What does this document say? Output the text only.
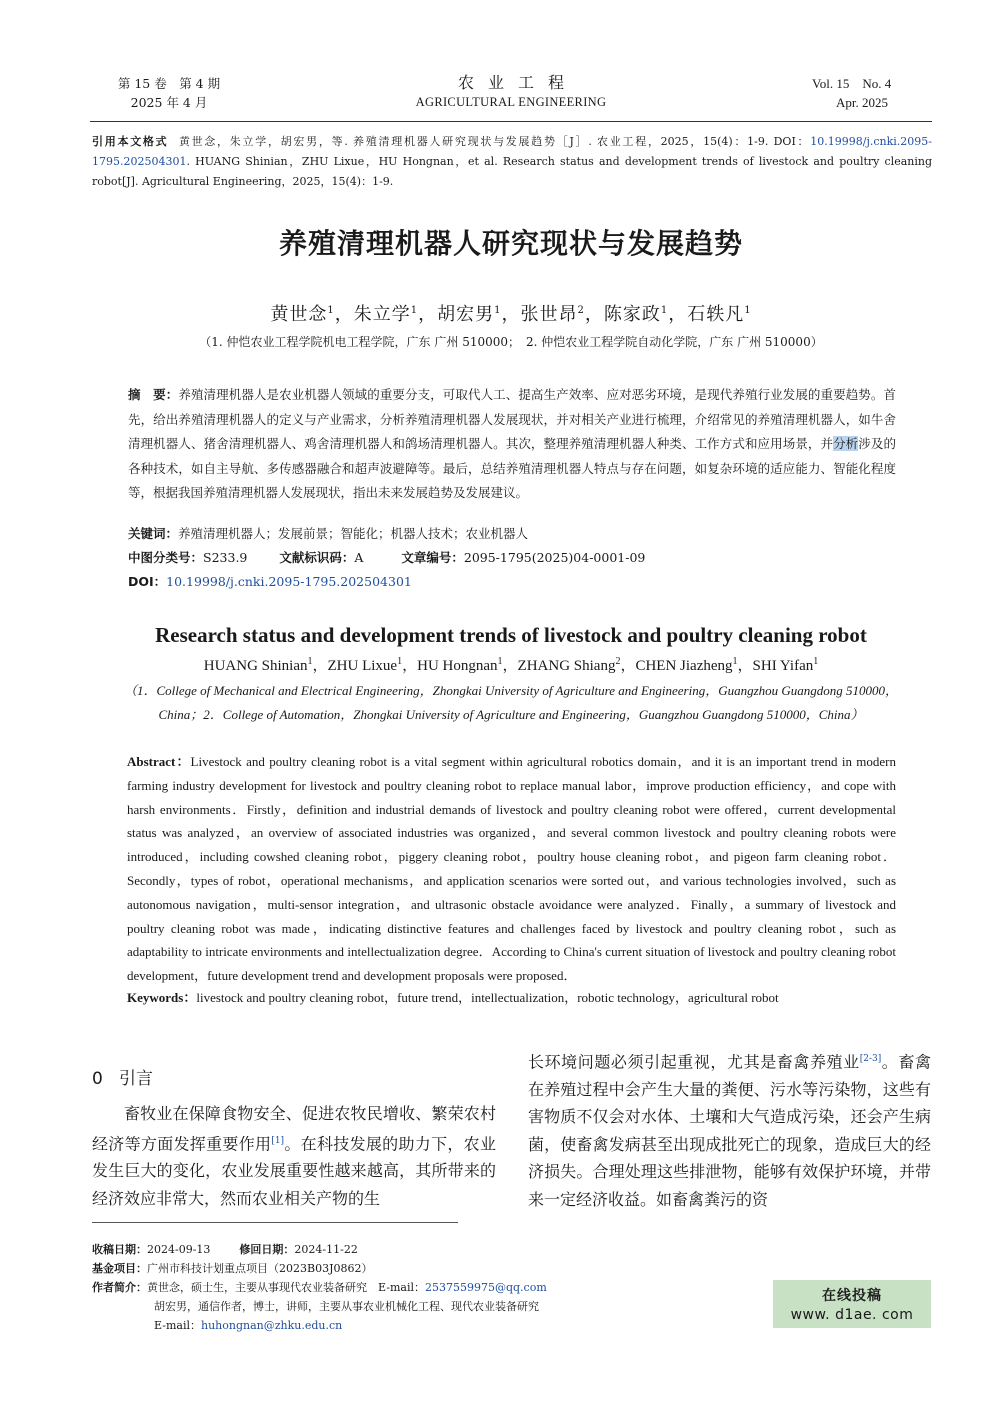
第 15 卷　第 4 期
2025 年 4 月
农业工程
AGRICULTURAL ENGINEERING
Vol. 15　No. 4
Apr. 2025
引用本文格式 黄世念，朱立学，胡宏男，等. 养殖清理机器人研究现状与发展趋势［J］. 农业工程，2025，15(4)：1-9. DOI：10.19998/j.cnki.2095-1795.202504301. HUANG Shinian，ZHU Lixue，HU Hongnan，et al. Research status and development trends of livestock and poultry cleaning robot[J]. Agricultural Engineering，2025，15(4)：1-9.
养殖清理机器人研究现状与发展趋势
黄世念$^1$，朱立学$^1$，胡宏男$^1$，张世昂$^2$，陈家政$^1$，石轶凡$^1$
（1. 仲恺农业工程学院机电工程学院，广东 广州 510000；　2. 仲恺农业工程学院自动化学院，广东 广州 510000）
摘　要：养殖清理机器人是农业机器人领域的重要分支，可取代人工、提高生产效率、应对恶劣环境，是现代养殖行业发展的重要趋势。首先，给出养殖清理机器人的定义与产业需求，分析养殖清理机器人发展现状，并对相关产业进行梳理，介绍常见的养殖清理机器人，如牛舍清理机器人、猪舍清理机器人、鸡舍清理机器人和鸽场清理机器人。其次，整理养殖清理机器人种类、工作方式和应用场景，并分析涉及的各种技术，如自主导航、多传感器融合和超声波避障等。最后，总结养殖清理机器人特点与存在问题，如复杂环境的适应能力、智能化程度等，根据我国养殖清理机器人发展现状，指出未来发展趋势及发展建议。
关键词：养殖清理机器人；发展前景；智能化；机器人技术；农业机器人
中图分类号：S233.9	文献标识码：A	文章编号：2095-1795(2025)04-0001-09
DOI：10.19998/j.cnki.2095-1795.202504301
Research status and development trends of livestock and poultry cleaning robot
HUANG Shinian$^1$，ZHU Lixue$^1$，HU Hongnan$^1$，ZHANG Shiang$^2$，CHEN Jiazheng$^1$，SHI Yifan$^1$
（1．College of Mechanical and Electrical Engineering，Zhongkai University of Agriculture and Engineering，Guangzhou Guangdong 510000，China；2．College of Automation，Zhongkai University of Agriculture and Engineering，Guangzhou Guangdong 510000，China）
Abstract：Livestock and poultry cleaning robot is a vital segment within agricultural robotics domain，and it is an important trend in modern farming industry development for livestock and poultry cleaning robot to replace manual labor，improve production efficiency，and cope with harsh environments．Firstly，definition and industrial demands of livestock and poultry cleaning robot were offered，current developmental status was analyzed，an overview of associated industries was organized，and several common livestock and poultry cleaning robots were introduced，including cowshed cleaning robot，piggery cleaning robot，poultry house cleaning robot，and pigeon farm cleaning robot．Secondly，types of robot，operational mechanisms，and application scenarios were sorted out，and various technologies involved，such as autonomous navigation，multi-sensor integration，and ultrasonic obstacle avoidance were analyzed．Finally，a summary of livestock and poultry cleaning robot was made，indicating distinctive features and challenges faced by livestock and poultry cleaning robot，such as adaptability to intricate environments and intellectualization degree．According to China's current situation of livestock and poultry cleaning robot development，future development trend and development proposals were proposed．
Keywords：livestock and poultry cleaning robot，future trend，intellectualization，robotic technology，agricultural robot
0 引言
畜牧业在保障食物安全、促进农牧民增收、繁荣农村经济等方面发挥重要作用[1]。在科技发展的助力下，农业发生巨大的变化，农业发展重要性越来越高，其所带来的经济效应非常大，然而农业相关产物的生
长环境问题必须引起重视，尤其是畜禽养殖业[2-3]。畜禽在养殖过程中会产生大量的粪便、污水等污染物，这些有害物质不仅会对水体、土壤和大气造成污染，还会产生病菌，使畜禽发病甚至出现成批死亡的现象，造成巨大的经济损失。合理处理这些排泄物，能够有效保护环境，并带来一定经济收益。如畜禽粪污的资
收稿日期：2024-09-13	修回日期：2024-11-22
基金项目：广州市科技计划重点项目（2023B03J0862）
作者简介：黄世念，硕士生，主要从事现代农业装备研究　E-mail：2537559975@qq.com
胡宏男，通信作者，博士，讲师，主要从事农业机械化工程、现代农业装备研究
E-mail：huhongnan@zhku.edu.cn
在线投稿
www. d1ae. com
